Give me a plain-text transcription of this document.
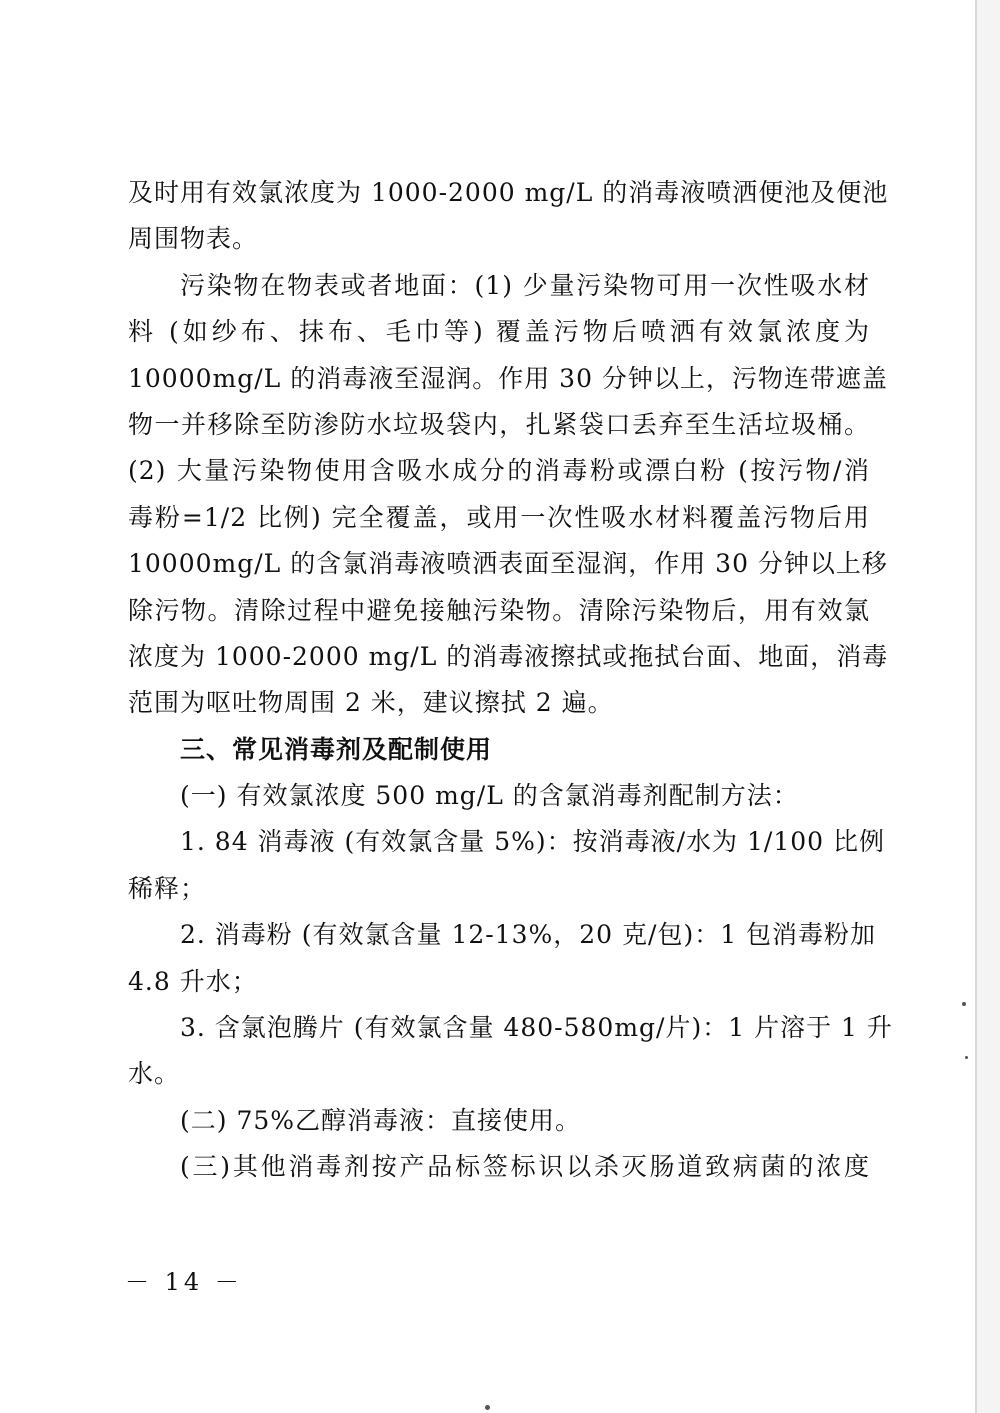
及时用有效氯浓度为 1000-2000 mg/L 的消毒液喷洒便池及便池
周围物表。
污染物在物表或者地面：(1) 少量污染物可用一次性吸水材
料 (如纱布、抹布、毛巾等) 覆盖污物后喷洒有效氯浓度为
10000mg/L 的消毒液至湿润。作用 30 分钟以上，污物连带遮盖
物一并移除至防渗防水垃圾袋内，扎紧袋口丢弃至生活垃圾桶。
(2) 大量污染物使用含吸水成分的消毒粉或漂白粉 (按污物/消
毒粉=1/2 比例) 完全覆盖，或用一次性吸水材料覆盖污物后用
10000mg/L 的含氯消毒液喷洒表面至湿润，作用 30 分钟以上移
除污物。清除过程中避免接触污染物。清除污染物后，用有效氯
浓度为 1000-2000 mg/L 的消毒液擦拭或拖拭台面、地面，消毒
范围为呕吐物周围 2 米，建议擦拭 2 遍。
三、常见消毒剂及配制使用
(一) 有效氯浓度 500 mg/L 的含氯消毒剂配制方法：
1. 84 消毒液 (有效氯含量 5%)：按消毒液/水为 1/100 比例
稀释；
2. 消毒粉 (有效氯含量 12-13%，20 克/包)：1 包消毒粉加
4.8 升水；
3. 含氯泡腾片 (有效氯含量 480-580mg/片)：1 片溶于 1 升
水。
(二) 75%乙醇消毒液：直接使用。
(三)其他消毒剂按产品标签标识以杀灭肠道致病菌的浓度
－ 14 －
